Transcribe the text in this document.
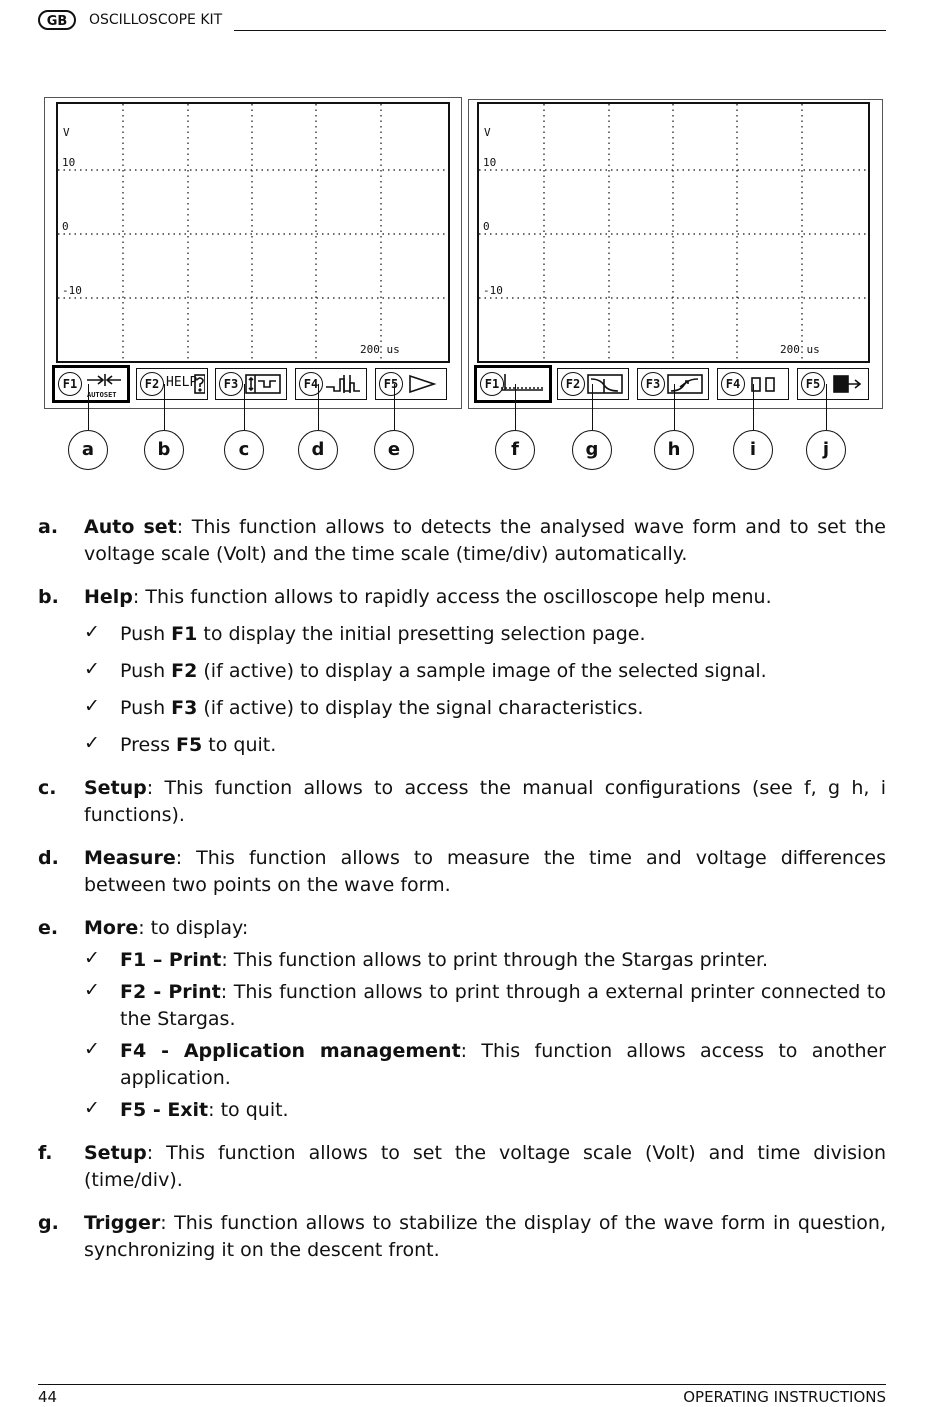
GB	OSCILLOSCOPE KIT
V
10
0
-10
200 us
F1
AUTOSET
a
F2 HELP
b
F3
c
F4
d
F5
e
V
10
0
-10
200 us
F1
f
F2
g
F3
h
F4
i
F5
j
a.	Auto set: This function allows to detects the analysed wave form and to set the voltage scale (Volt) and the time scale (time/div) automatically.
b.	Help: This function allows to rapidly access the oscilloscope help menu.
✓	Push F1 to display the initial presetting selection page.
✓	Push F2 (if active) to display a sample image of the selected signal.
✓	Push F3 (if active) to display the signal characteristics.
✓	Press F5 to quit.
c.	Setup: This function allows to access the manual configurations (see f, g h, i functions).
d.	Measure: This function allows to measure the time and voltage differences between two points on the wave form.
e.	More: to display:
✓	F1 – Print: This function allows to print through the Stargas printer.
✓	F2 - Print: This function allows to print through a external printer connected to the Stargas.
✓	F4 - Application management: This function allows access to another application.
✓	F5 - Exit: to quit.
f.	Setup: This function allows to set the voltage scale (Volt) and time division (time/div).
g.	Trigger: This function allows to stabilize the display of the wave form in question, synchronizing it on the descent front.
44	OPERATING INSTRUCTIONS
